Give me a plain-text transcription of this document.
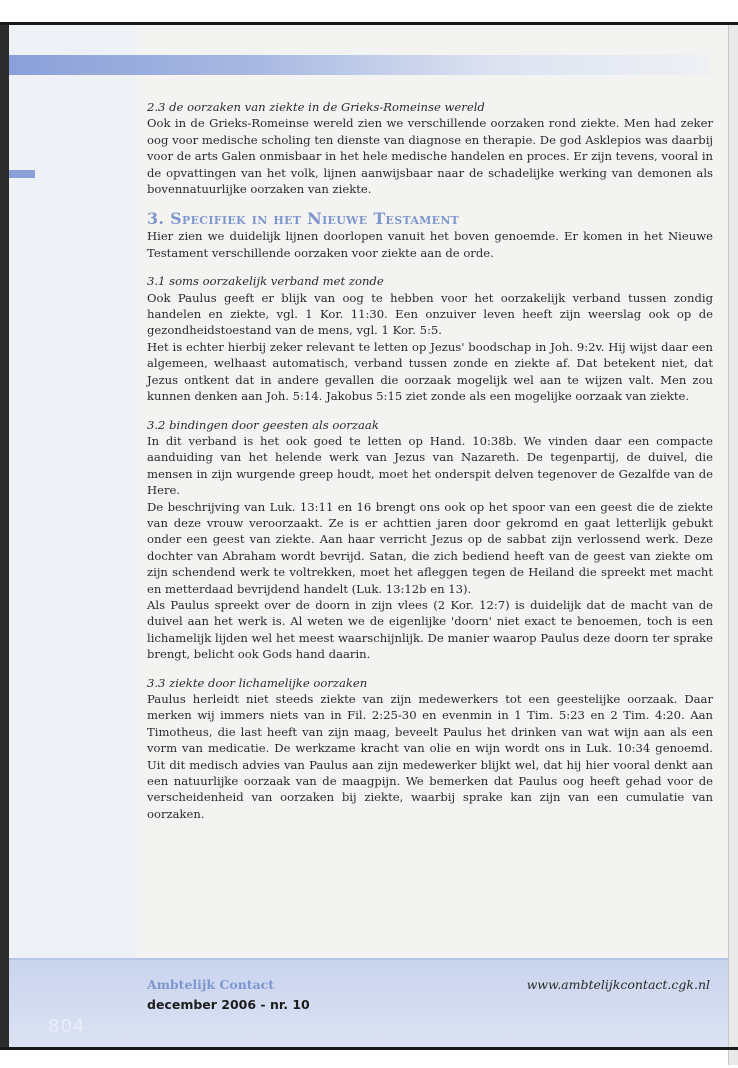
2.3 de oorzaken van ziekte in de Grieks-Romeinse wereld

Ook in de Grieks-Romeinse wereld zien we verschillende oorzaken rond ziekte. Men had zeker oog voor medische scholing ten dienste van diagnose en therapie. De god Asklepios was daarbij voor de arts Galen onmisbaar in het hele medische handelen en proces. Er zijn tevens, vooral in de opvattingen van het volk, lijnen aanwijsbaar naar de schadelijke werking van demonen als bovennatuurlijke oorzaken van ziekte.

3. Specifiek in het Nieuwe Testament

Hier zien we duidelijk lijnen doorlopen vanuit het boven genoemde. Er komen in het Nieuwe Testament verschillende oorzaken voor ziekte aan de orde.

3.1 soms oorzakelijk verband met zonde

Ook Paulus geeft er blijk van oog te hebben voor het oorzakelijk verband tussen zondig handelen en ziekte, vgl. 1 Kor. 11:30. Een onzuiver leven heeft zijn weerslag ook op de gezondheidstoestand van de mens, vgl. 1 Kor. 5:5.

Het is echter hierbij zeker relevant te letten op Jezus' boodschap in Joh. 9:2v. Hij wijst daar een algemeen, welhaast automatisch, verband tussen zonde en ziekte af. Dat betekent niet, dat Jezus ontkent dat in andere gevallen die oorzaak mogelijk wel aan te wijzen valt. Men zou kunnen denken aan Joh. 5:14. Jakobus 5:15 ziet zonde als een mogelijke oorzaak van ziekte.

3.2 bindingen door geesten als oorzaak

In dit verband is het ook goed te letten op Hand. 10:38b. We vinden daar een compacte aanduiding van het helende werk van Jezus van Nazareth. De tegenpartij, de duivel, die mensen in zijn wurgende greep houdt, moet het onderspit delven tegenover de Gezalfde van de Here.

De beschrijving van Luk. 13:11 en 16 brengt ons ook op het spoor van een geest die de ziekte van deze vrouw veroorzaakt. Ze is er achttien jaren door gekromd en gaat letterlijk gebukt onder een geest van ziekte. Aan haar verricht Jezus op de sabbat zijn verlossend werk. Deze dochter van Abraham wordt bevrijd. Satan, die zich bediend heeft van de geest van ziekte om zijn schendend werk te voltrekken, moet het afleggen tegen de Heiland die spreekt met macht en metterdaad bevrijdend handelt (Luk. 13:12b en 13).

Als Paulus spreekt over de doorn in zijn vlees (2 Kor. 12:7) is duidelijk dat de macht van de duivel aan het werk is. Al weten we de eigenlijke 'doorn' niet exact te benoemen, toch is een lichamelijk lijden wel het meest waarschijnlijk. De manier waarop Paulus deze doorn ter sprake brengt, belicht ook Gods hand daarin.

3.3 ziekte door lichamelijke oorzaken

Paulus herleidt niet steeds ziekte van zijn medewerkers tot een geestelijke oorzaak. Daar merken wij immers niets van in Fil. 2:25-30 en evenmin in 1 Tim. 5:23 en 2 Tim. 4:20. Aan Timotheus, die last heeft van zijn maag, beveelt Paulus het drinken van wat wijn aan als een vorm van medicatie. De werkzame kracht van olie en wijn wordt ons in Luk. 10:34 genoemd. Uit dit medisch advies van Paulus aan zijn medewerker blijkt wel, dat hij hier vooral denkt aan een natuurlijke oorzaak van de maagpijn. We bemerken dat Paulus oog heeft gehad voor de verscheidenheid van oorzaken bij ziekte, waarbij sprake kan zijn van een cumulatie van oorzaken.

804
Ambtelijk Contact
december 2006 - nr. 10
www.ambtelijkcontact.cgk.nl
